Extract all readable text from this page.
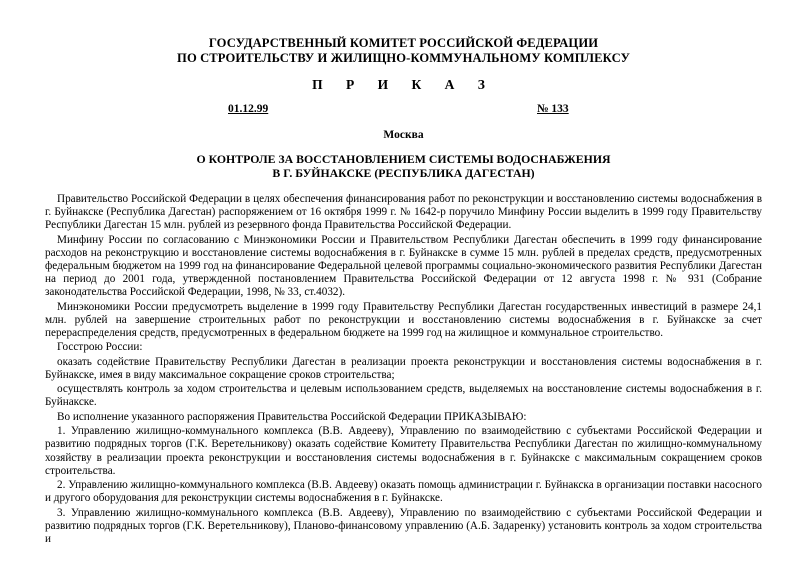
ГОСУДАРСТВЕННЫЙ КОМИТЕТ РОССИЙСКОЙ ФЕДЕРАЦИИ
ПО СТРОИТЕЛЬСТВУ И ЖИЛИЩНО-КОММУНАЛЬНОМУ КОМПЛЕКСУ
П Р И К А З
01.12.99	№ 133
Москва
О КОНТРОЛЕ ЗА ВОССТАНОВЛЕНИЕМ СИСТЕМЫ ВОДОСНАБЖЕНИЯ
В Г. БУЙНАКСКЕ (РЕСПУБЛИКА ДАГЕСТАН)

Правительство Российской Федерации в целях обеспечения финансирования работ по реконструкции и восстановлению системы водоснабжения в г. Буйнакске (Республика Дагестан) распоряжением от 16 октября 1999 г. № 1642-р поручило Минфину России выделить в 1999 году Правительству Республики Дагестан 15 млн. рублей из резервного фонда Правительства Российской Федерации.

Минфину России по согласованию с Минэкономики России и Правительством Республики Дагестан обеспечить в 1999 году финансирование расходов на реконструкцию и восстановление системы водоснабжения в г. Буйнакске в сумме 15 млн. рублей в пределах средств, предусмотренных федеральным бюджетом на 1999 год на финансирование Федеральной целевой программы социально-экономического развития Республики Дагестан на период до 2001 года, утвержденной постановлением Правительства Российской Федерации от 12 августа 1998 г. № 931 (Собрание законодательства Российской Федерации, 1998, № 33, ст.4032).

Минэкономики России предусмотреть выделение в 1999 году Правительству Республики Дагестан государственных инвестиций в размере 24,1 млн. рублей на завершение строительных работ по реконструкции и восстановлению системы водоснабжения в г. Буйнакске за счет перераспределения средств, предусмотренных в федеральном бюджете на 1999 год на жилищное и коммунальное строительство.

Госстрою России:

оказать содействие Правительству Республики Дагестан в реализации проекта реконструкции и восстановления системы водоснабжения в г. Буйнакске, имея в виду максимальное сокращение сроков строительства;

осуществлять контроль за ходом строительства и целевым использованием средств, выделяемых на восстановление системы водоснабжения в г. Буйнакске.

Во исполнение указанного распоряжения Правительства Российской Федерации ПРИКАЗЫВАЮ:

1. Управлению жилищно-коммунального комплекса (В.В. Авдееву), Управлению по взаимодействию с субъектами Российской Федерации и развитию подрядных торгов (Г.К. Веретельникову) оказать содействие Комитету Правительства Республики Дагестан по жилищно-коммунальному хозяйству в реализации проекта реконструкции и восстановления системы водоснабжения в г. Буйнакске с максимальным сокращением сроков строительства.

2. Управлению жилищно-коммунального комплекса (В.В. Авдееву) оказать помощь администрации г. Буйнакска в организации поставки насосного и другого оборудования для реконструкции системы водоснабжения в г. Буйнакске.

3. Управлению жилищно-коммунального комплекса (В.В. Авдееву), Управлению по взаимодействию с субъектами Российской Федерации и развитию подрядных торгов (Г.К. Веретельникову), Планово-финансовому управлению (А.Б. Задаренку) установить контроль за ходом строительства и
